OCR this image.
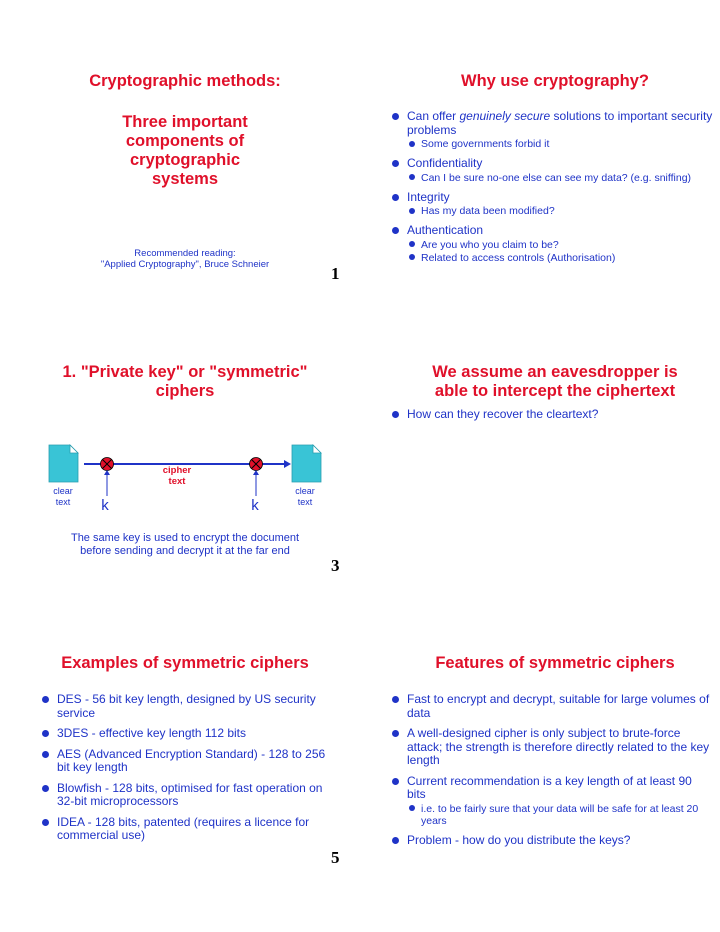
Cryptographic methods:
Three important
components of
cryptographic
systems
Recommended reading:
"Applied Cryptography", Bruce Schneier
Why use cryptography?
Can offer genuinely secure solutions to important security problems
Some governments forbid it
Confidentiality
Can I be sure no-one else can see my data? (e.g. sniffing)
Integrity
Has my data been modified?
Authentication
Are you who you claim to be?
Related to access controls (Authorisation)
1
1. "Private key" or "symmetric"
ciphers
cipher
text
clear
text
clear
text
k	k
The same key is used to encrypt the document
before sending and decrypt it at the far end
We assume an eavesdropper is
able to intercept the ciphertext
How can they recover the cleartext?
3
Examples of symmetric ciphers
DES - 56 bit key length, designed by US security service
3DES - effective key length 112 bits
AES (Advanced Encryption Standard) - 128 to 256 bit key length
Blowfish - 128 bits, optimised for fast operation on 32-bit microprocessors
IDEA - 128 bits, patented (requires a licence for commercial use)
Features of symmetric ciphers
Fast to encrypt and decrypt, suitable for large volumes of data
A well-designed cipher is only subject to brute-force attack; the strength is therefore directly related to the key length
Current recommendation is a key length of at least 90 bits
i.e. to be fairly sure that your data will be safe for at least 20 years
Problem - how do you distribute the keys?
5
